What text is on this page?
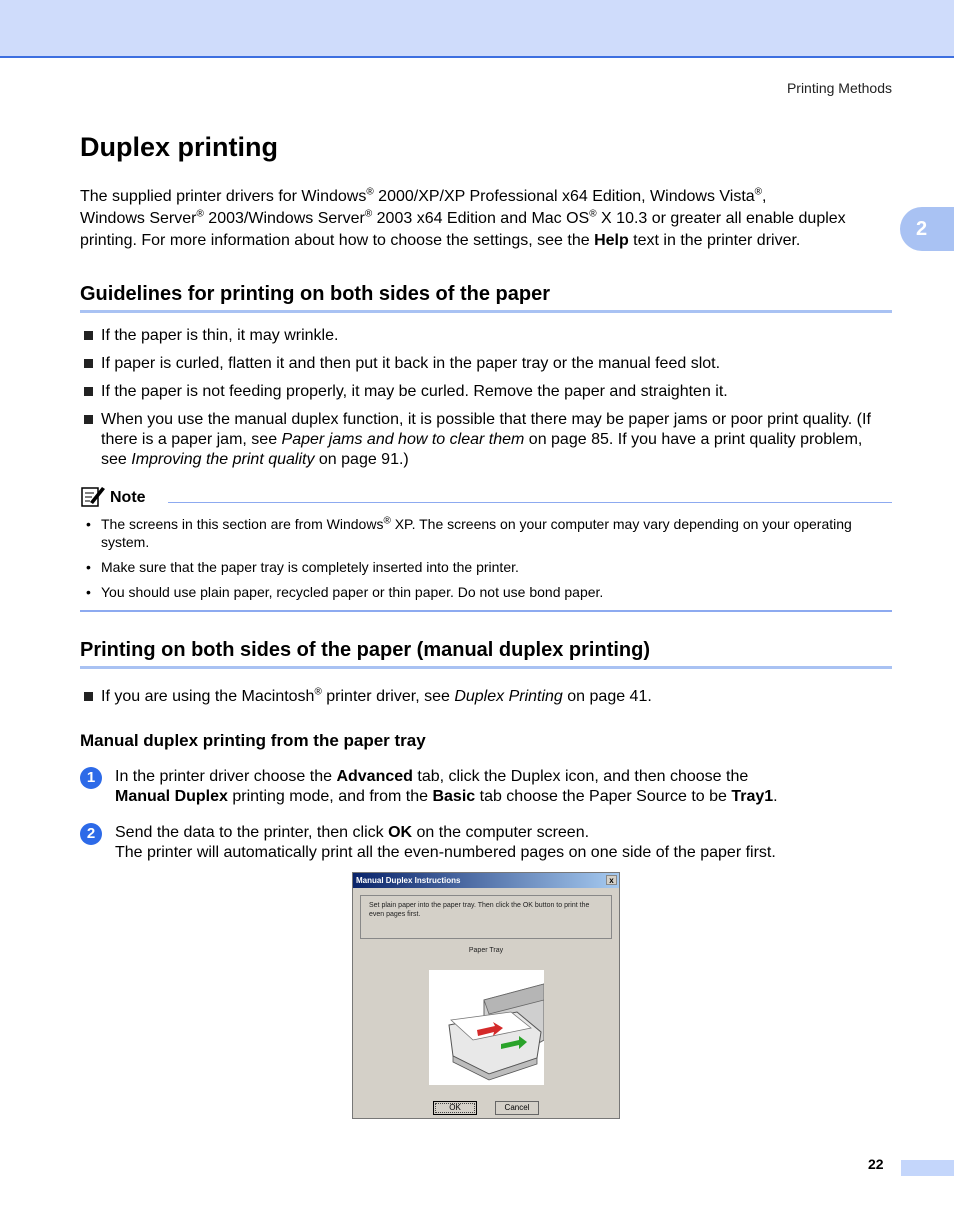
Printing Methods
2
Duplex printing

The supplied printer drivers for Windows® 2000/XP/XP Professional x64 Edition, Windows Vista®,
Windows Server® 2003/Windows Server® 2003 x64 Edition and Mac OS® X 10.3 or greater all enable duplex printing. For more information about how to choose the settings, see the Help text in the printer driver.

Guidelines for printing on both sides of the paper
If the paper is thin, it may wrinkle.
If paper is curled, flatten it and then put it back in the paper tray or the manual feed slot.
If the paper is not feeding properly, it may be curled. Remove the paper and straighten it.
When you use the manual duplex function, it is possible that there may be paper jams or poor print quality. (If there is a paper jam, see Paper jams and how to clear them on page 85. If you have a print quality problem, see Improving the print quality on page 91.)
Note
• The screens in this section are from Windows® XP. The screens on your computer may vary depending on your operating system.
• Make sure that the paper tray is completely inserted into the printer.
• You should use plain paper, recycled paper or thin paper. Do not use bond paper.
Printing on both sides of the paper (manual duplex printing)
If you are using the Macintosh® printer driver, see Duplex Printing on page 41.
Manual duplex printing from the paper tray
1	In the printer driver choose the Advanced tab, click the Duplex icon, and then choose the
Manual Duplex printing mode, and from the Basic tab choose the Paper Source to be Tray1.
2	Send the data to the printer, then click OK on the computer screen.
The printer will automatically print all the even-numbered pages on one side of the paper first.
Manual Duplex Instructions	x
Set plain paper into the paper tray. Then click the OK button to print the even pages first.
Paper Tray
OK	Cancel
22
